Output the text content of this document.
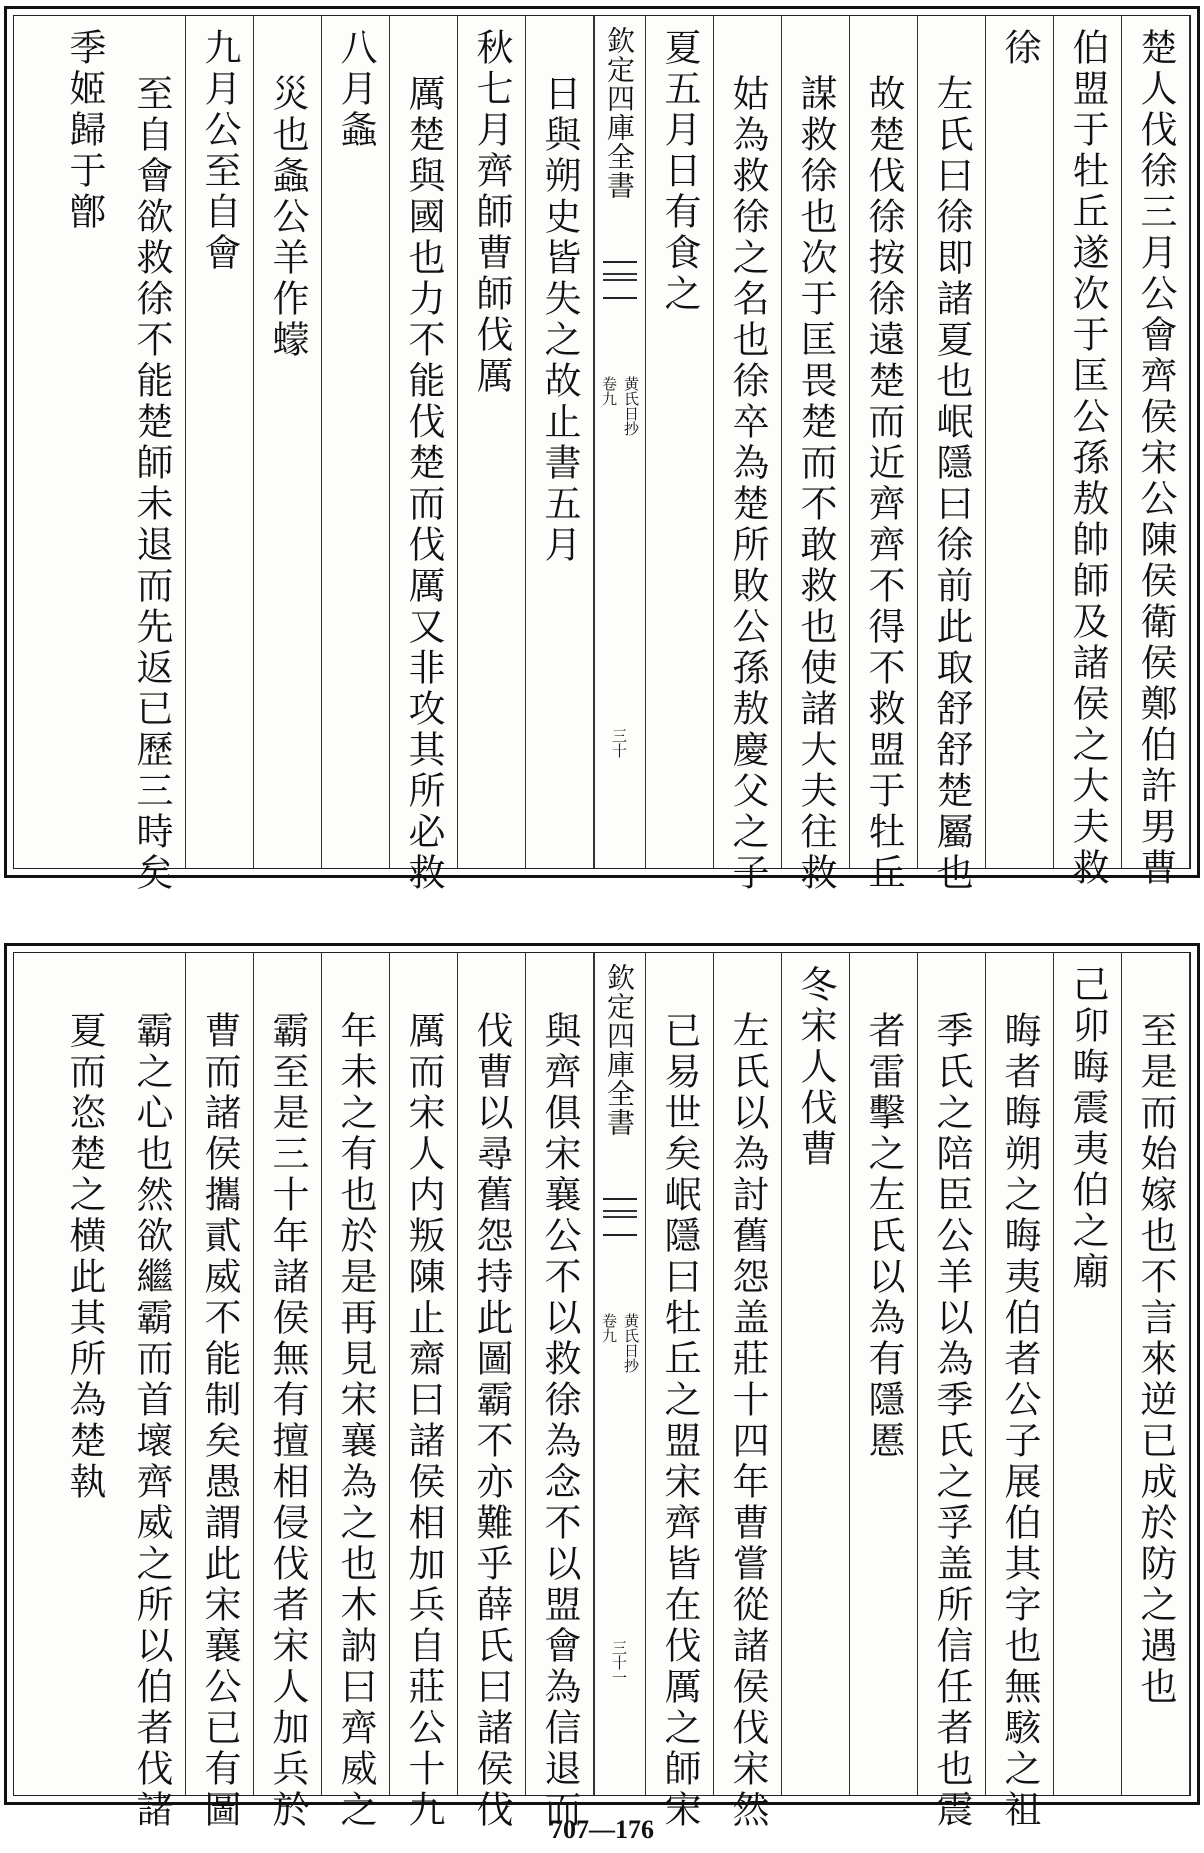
楚人伐徐三月公會齊侯宋公陳侯衛侯鄭伯許男曹
伯盟于牡丘遂次于匡公孫敖帥師及諸侯之大夫救
徐
左氏曰徐即諸夏也岷隱曰徐前此取舒舒楚屬也
故楚伐徐按徐遠楚而近齊齊不得不救盟于牡丘
謀救徐也次于匡畏楚而不敢救也使諸大夫往救
姑為救徐之名也徐卒為楚所敗公孫敖慶父之子
夏五月日有食之
欽定四庫全書
卷九 黄氏日抄
三十
日與朔史皆失之故止書五月
秋七月齊師曹師伐厲
厲楚與國也力不能伐楚而伐厲又非攻其所必救
八月螽
災也螽公羊作蠓
九月公至自會
至自會欲救徐不能楚師未退而先返已歷三時矣
季姬歸于鄫
至是而始嫁也不言來逆已成於防之遇也
己卯晦震夷伯之廟
晦者晦朔之晦夷伯者公子展伯其字也無駭之祖
季氏之陪臣公羊以為季氏之孚盖所信任者也震
者雷擊之左氏以為有隱慝
冬宋人伐曹
左氏以為討舊怨盖莊十四年曹嘗從諸侯伐宋然
已易世矣岷隱曰牡丘之盟宋齊皆在伐厲之師宋
欽定四庫全書
卷九 黄氏日抄
三十一
與齊俱宋襄公不以救徐為念不以盟會為信退而
伐曹以尋舊怨持此圖霸不亦難乎薛氏曰諸侯伐
厲而宋人内叛陳止齋曰諸侯相加兵自莊公十九
年未之有也於是再見宋襄為之也木訥曰齊威之
霸至是三十年諸侯無有擅相侵伐者宋人加兵於
曹而諸侯攜貳威不能制矣愚謂此宋襄公已有圖
霸之心也然欲繼霸而首壞齊威之所以伯者伐諸
夏而恣楚之横此其所為楚執
707—176
